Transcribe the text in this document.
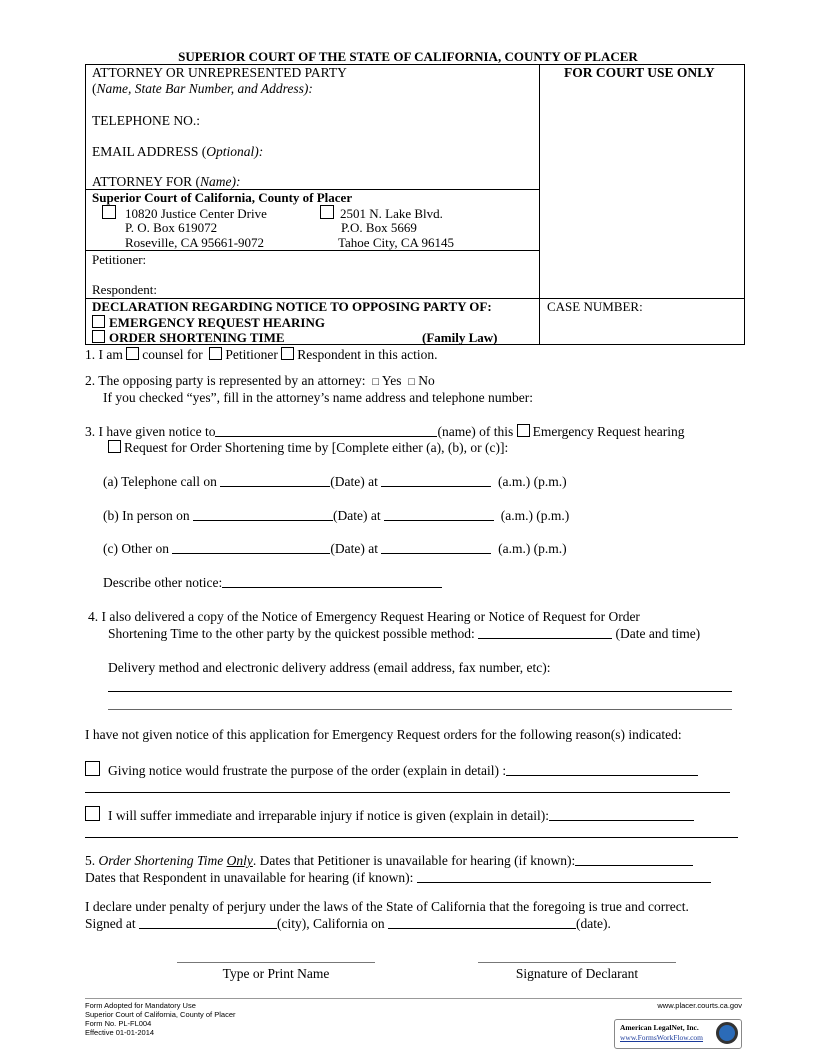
SUPERIOR COURT OF THE STATE OF CALIFORNIA, COUNTY OF PLACER
ATTORNEY OR UNREPRESENTED PARTY
(Name, State Bar Number, and Address):
TELEPHONE NO.:
EMAIL ADDRESS (Optional):
ATTORNEY FOR (Name):
FOR COURT USE ONLY
Superior Court of California, County of Placer
10820 Justice Center Drive
P. O. Box 619072
Roseville, CA 95661-9072
2501 N. Lake Blvd.
P.O. Box 5669
Tahoe City, CA 96145
Petitioner:
Respondent:
DECLARATION REGARDING NOTICE TO OPPOSING PARTY OF:
EMERGENCY REQUEST HEARING
ORDER SHORTENING TIME	(Family Law)
CASE NUMBER:
1. I am counsel for Petitioner Respondent in this action.
2. The opposing party is represented by an attorney: □ Yes □ No
If you checked “yes”, fill in the attorney’s name address and telephone number:
3. I have given notice to	(name) of this Emergency Request hearing
Request for Order Shortening time by [Complete either (a), (b), or (c)]:
(a) Telephone call on	(Date) at	(a.m.) (p.m.)
(b) In person on	(Date) at	(a.m.) (p.m.)
(c) Other on	(Date) at	(a.m.) (p.m.)
Describe other notice:
4. I also delivered a copy of the Notice of Emergency Request Hearing or Notice of Request for Order
Shortening Time to the other party by the quickest possible method:	(Date and time)
Delivery method and electronic delivery address (email address, fax number, etc):
I have not given notice of this application for Emergency Request orders for the following reason(s) indicated:
Giving notice would frustrate the purpose of the order (explain in detail) :
I will suffer immediate and irreparable injury if notice is given (explain in detail):
5. Order Shortening Time Only. Dates that Petitioner is unavailable for hearing (if known):
Dates that Respondent in unavailable for hearing (if known):
I declare under penalty of perjury under the laws of the State of California that the foregoing is true and correct.
Signed at	(city), California on	(date).
Type or Print Name	Signature of Declarant
Form Adopted for Mandatory Use
Superior Court of California, County of Placer
Form No. PL-FL004
Effective 01-01-2014
www.placer.courts.ca.gov
American LegalNet, Inc.
www.FormsWorkFlow.com
